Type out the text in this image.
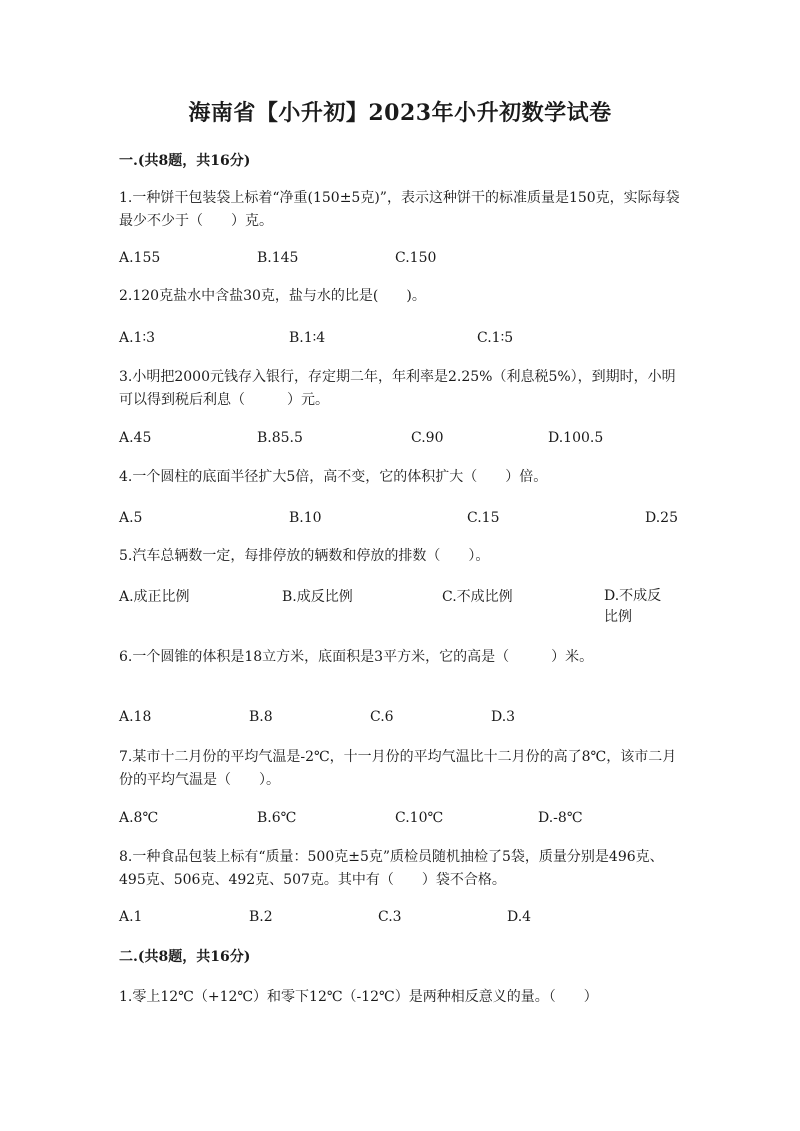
海南省【小升初】2023年小升初数学试卷
一.(共8题，共16分)
1.一种饼干包装袋上标着“净重(150±5克)”，表示这种饼干的标准质量是150克，实际每袋最少不少于（　　）克。
A.155	B.145	C.150
2.120克盐水中含盐30克，盐与水的比是(　　)。
A.1∶3	B.1∶4	C.1∶5
3.小明把2000元钱存入银行，存定期二年，年利率是2.25%（利息税5%），到期时，小明可以得到税后利息（　　　）元。
A.45	B.85.5	C.90	D.100.5
4.一个圆柱的底面半径扩大5倍，高不变，它的体积扩大（　　）倍。
A.5	B.10	C.15	D.25
5.汽车总辆数一定，每排停放的辆数和停放的排数（　　）。
A.成正比例	B.成反比例	C.不成比例	D.不成反比例
6.一个圆锥的体积是18立方米，底面积是3平方米，它的高是（　　　）米。
A.18	B.8	C.6	D.3
7.某市十二月份的平均气温是-2℃，十一月份的平均气温比十二月份的高了8℃，该市二月份的平均气温是（　　）。
A.8℃	B.6℃	C.10℃	D.-8℃
8.一种食品包装上标有“质量：500克±5克”质检员随机抽检了5袋，质量分别是496克、495克、506克、492克、507克。其中有（　　）袋不合格。
A.1	B.2	C.3	D.4
二.(共8题，共16分)
1.零上12℃（+12℃）和零下12℃（-12℃）是两种相反意义的量。（　　）
